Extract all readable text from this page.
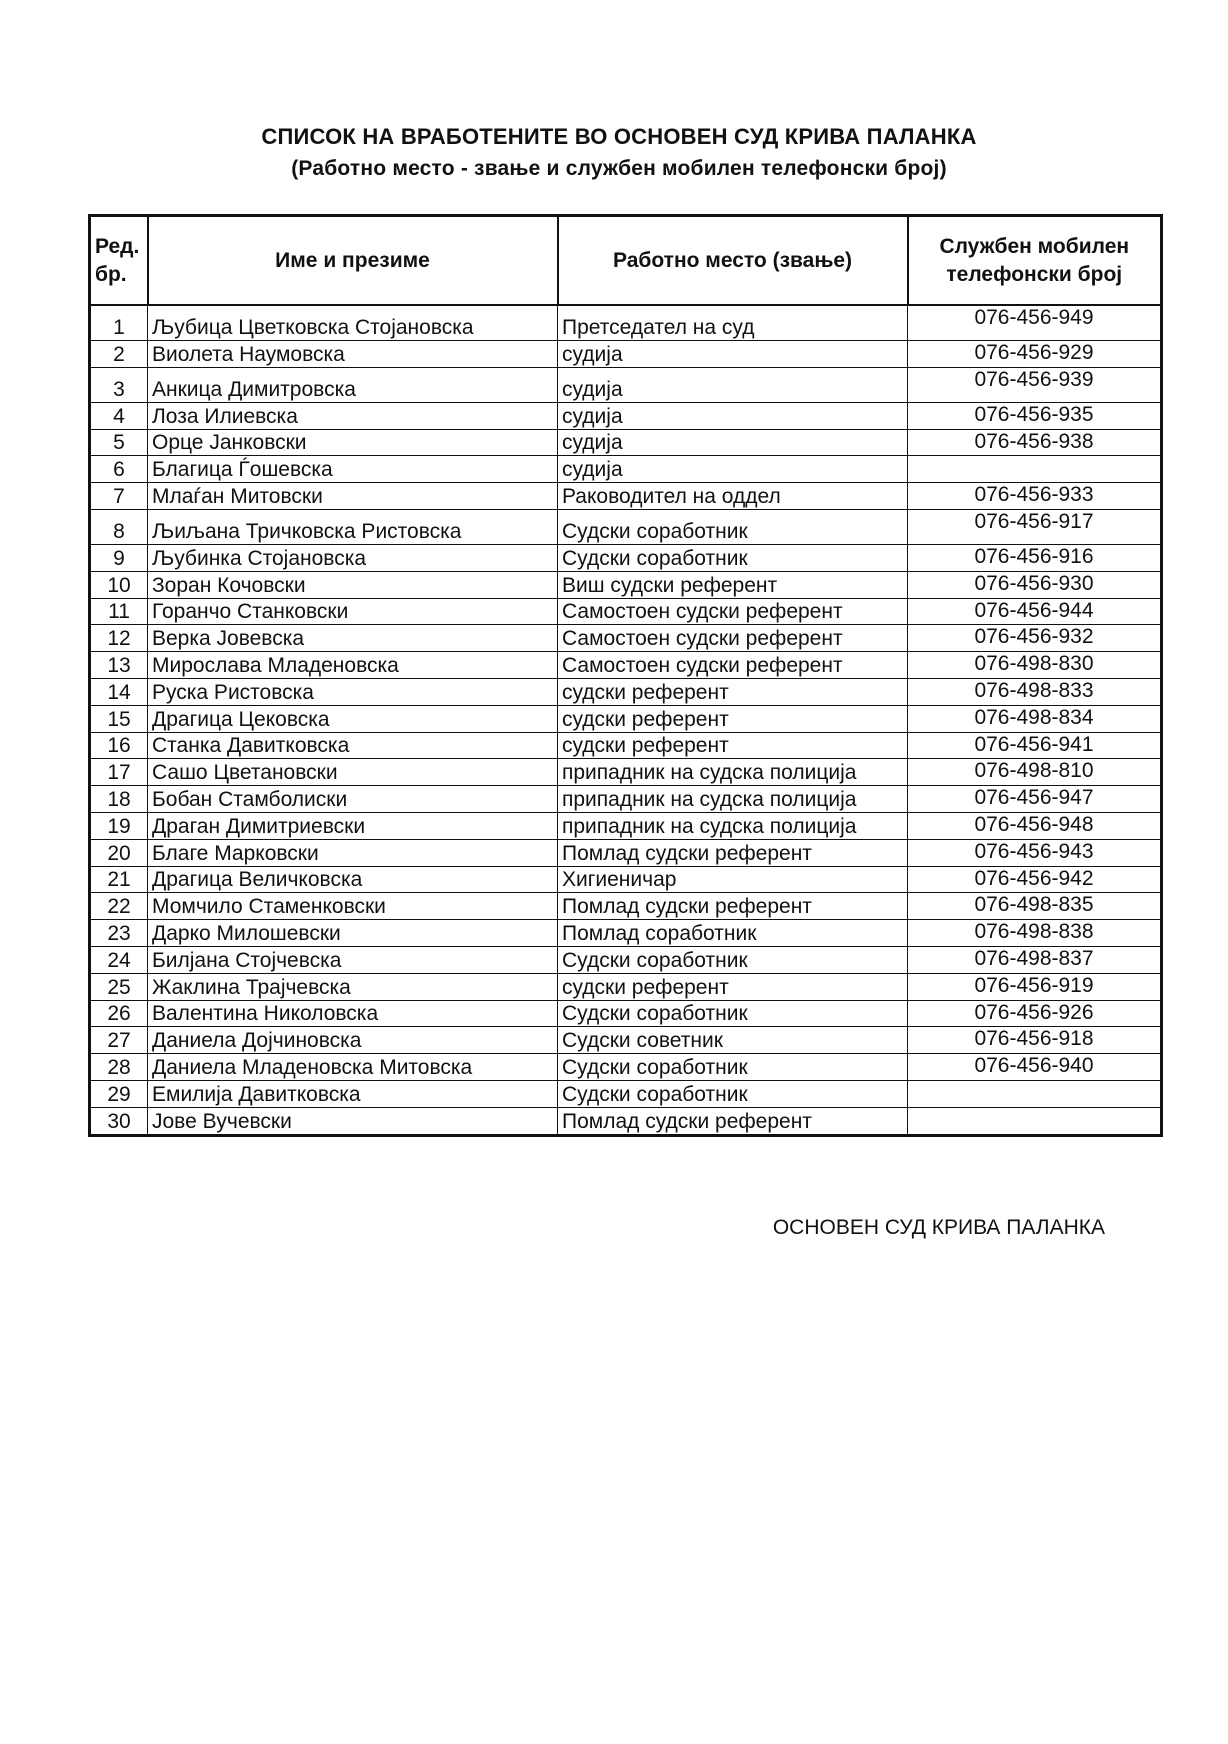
СПИСОК НА ВРАБОТЕНИТЕ ВО ОСНОВЕН СУД КРИВА ПАЛАНКА
(Работно место - звање и службен мобилен телефонски број)
Ред.
бр.	Име и презиме	Работно место (звање)	Службен мобилен
телефонски број
1	Љубица Цветковска Стојановска	Претседател на суд	076-456-949
2	Виолета Наумовска	судија	076-456-929
3	Анкица Димитровска	судија	076-456-939
4	Лоза Илиевска	судија	076-456-935
5	Орце Јанковски	судија	076-456-938
6	Благица Ѓошевска	судија	
7	Млаѓан Митовски	Раководител на оддел	076-456-933
8	Љиљана Тричковска Ристовска	Судски соработник	076-456-917
9	Љубинка Стојановска	Судски соработник	076-456-916
10	Зоран Кочовски	Виш судски референт	076-456-930
11	Горанчо Станковски	Самостоен судски референт	076-456-944
12	Верка Јовевска	Самостоен судски референт	076-456-932
13	Мирослава Младеновска	Самостоен судски референт	076-498-830
14	Руска Ристовска	судски референт	076-498-833
15	Драгица Цековска	судски референт	076-498-834
16	Станка Давитковска	судски референт	076-456-941
17	Сашо Цветановски	припадник на судска полиција	076-498-810
18	Бобан Стамболиски	припадник на судска полиција	076-456-947
19	Драган Димитриевски	припадник на судска полиција	076-456-948
20	Благе Марковски	Помлад судски референт	076-456-943
21	Драгица Величковска	Хигиеничар	076-456-942
22	Момчило Стаменковски	Помлад судски референт	076-498-835
23	Дарко Милошевски	Помлад соработник	076-498-838
24	Билјана Стојчевска	Судски соработник	076-498-837
25	Жаклина Трајчевска	судски референт	076-456-919
26	Валентина Николовска	Судски соработник	076-456-926
27	Даниела Дојчиновска	Судски советник	076-456-918
28	Даниела Младеновска Митовска	Судски соработник	076-456-940
29	Емилија Давитковска	Судски соработник	
30	Јове Вучевски	Помлад судски референт	
ОСНОВЕН СУД КРИВА ПАЛАНКА
